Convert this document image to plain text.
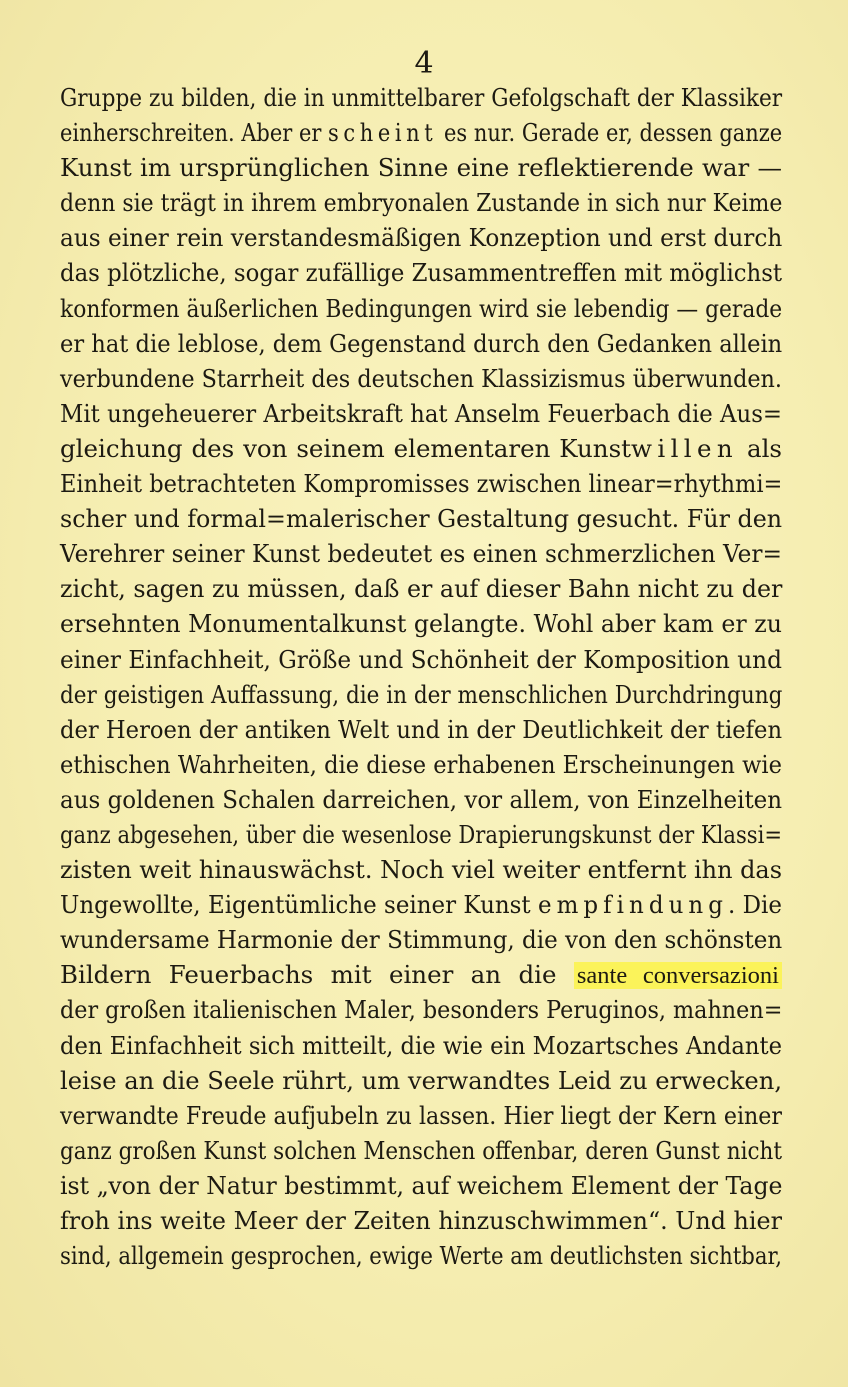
4
Gruppe zu bilden, die in unmittelbarer Gefolgschaft der Klassiker
einherschreiten. Aber er scheint es nur. Gerade er, dessen ganze
Kunst im ursprünglichen Sinne eine reflektierende war —
denn sie trägt in ihrem embryonalen Zustande in sich nur Keime
aus einer rein verstandesmäßigen Konzeption und erst durch
das plötzliche, sogar zufällige Zusammentreffen mit möglichst
konformen äußerlichen Bedingungen wird sie lebendig — gerade
er hat die leblose, dem Gegenstand durch den Gedanken allein
verbundene Starrheit des deutschen Klassizismus überwunden.
Mit ungeheuerer Arbeitskraft hat Anselm Feuerbach die Aus=
gleichung des von seinem elementaren Kunstwillen als
Einheit betrachteten Kompromisses zwischen linear=rhythmi=
scher und formal=malerischer Gestaltung gesucht. Für den
Verehrer seiner Kunst bedeutet es einen schmerzlichen Ver=
zicht, sagen zu müssen, daß er auf dieser Bahn nicht zu der
ersehnten Monumentalkunst gelangte. Wohl aber kam er zu
einer Einfachheit, Größe und Schönheit der Komposition und
der geistigen Auffassung, die in der menschlichen Durchdringung
der Heroen der antiken Welt und in der Deutlichkeit der tiefen
ethischen Wahrheiten, die diese erhabenen Erscheinungen wie
aus goldenen Schalen darreichen, vor allem, von Einzelheiten
ganz abgesehen, über die wesenlose Drapierungskunst der Klassi=
zisten weit hinauswächst. Noch viel weiter entfernt ihn das
Ungewollte, Eigentümliche seiner Kunst empfindung. Die
wundersame Harmonie der Stimmung, die von den schönsten
Bildern Feuerbachs mit einer an die sante conversazioni
der großen italienischen Maler, besonders Peruginos, mahnen=
den Einfachheit sich mitteilt, die wie ein Mozartsches Andante
leise an die Seele rührt, um verwandtes Leid zu erwecken,
verwandte Freude aufjubeln zu lassen. Hier liegt der Kern einer
ganz großen Kunst solchen Menschen offenbar, deren Gunst nicht
ist „von der Natur bestimmt, auf weichem Element der Tage
froh ins weite Meer der Zeiten hinzuschwimmen“. Und hier
sind, allgemein gesprochen, ewige Werte am deutlichsten sichtbar,
